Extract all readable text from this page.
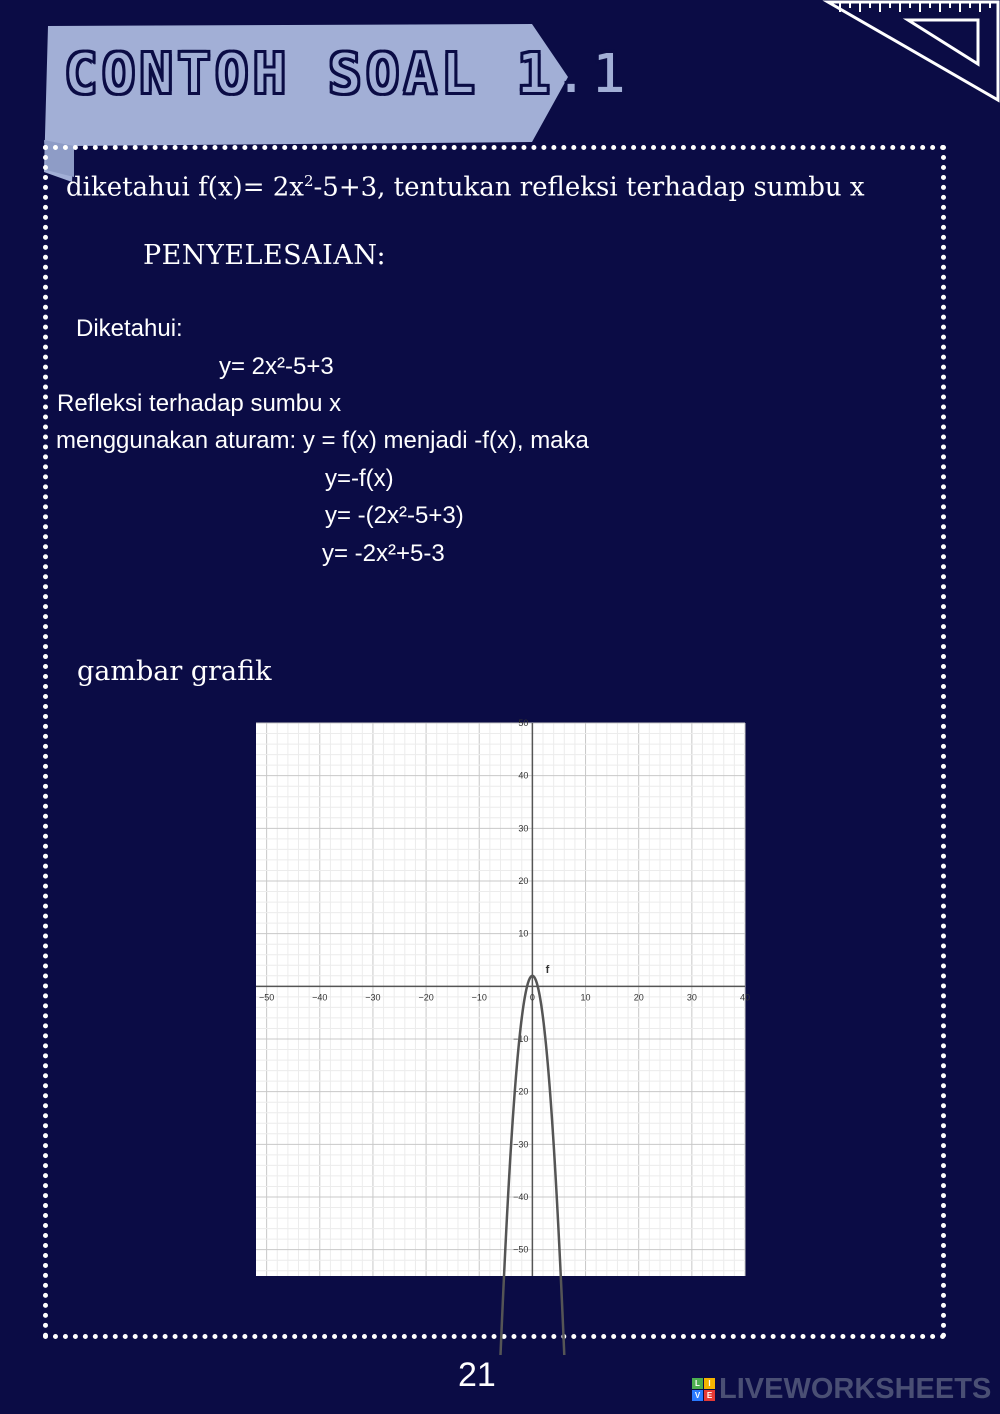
CONTOH SOAL 1.1
diketahui $f(x)= 2x^2-5+3$, tentukan refleksi terhadap sumbu x
PENYELESAIAN:
Diketahui:
y= 2x²-5+3
Refleksi terhadap sumbu x
menggunakan aturam: y = f(x) menjadi -f(x), maka
y=-f(x)
y= -(2x²-5+3)
y= -2x²+5-3
gambar grafik
−50	−40	−30	−20	−10	0	10	20	30	40
50
40
30
20
10
−10
−20
−30
−40
−50
f
21	L	I
V E LIVEWORKSHEETS
